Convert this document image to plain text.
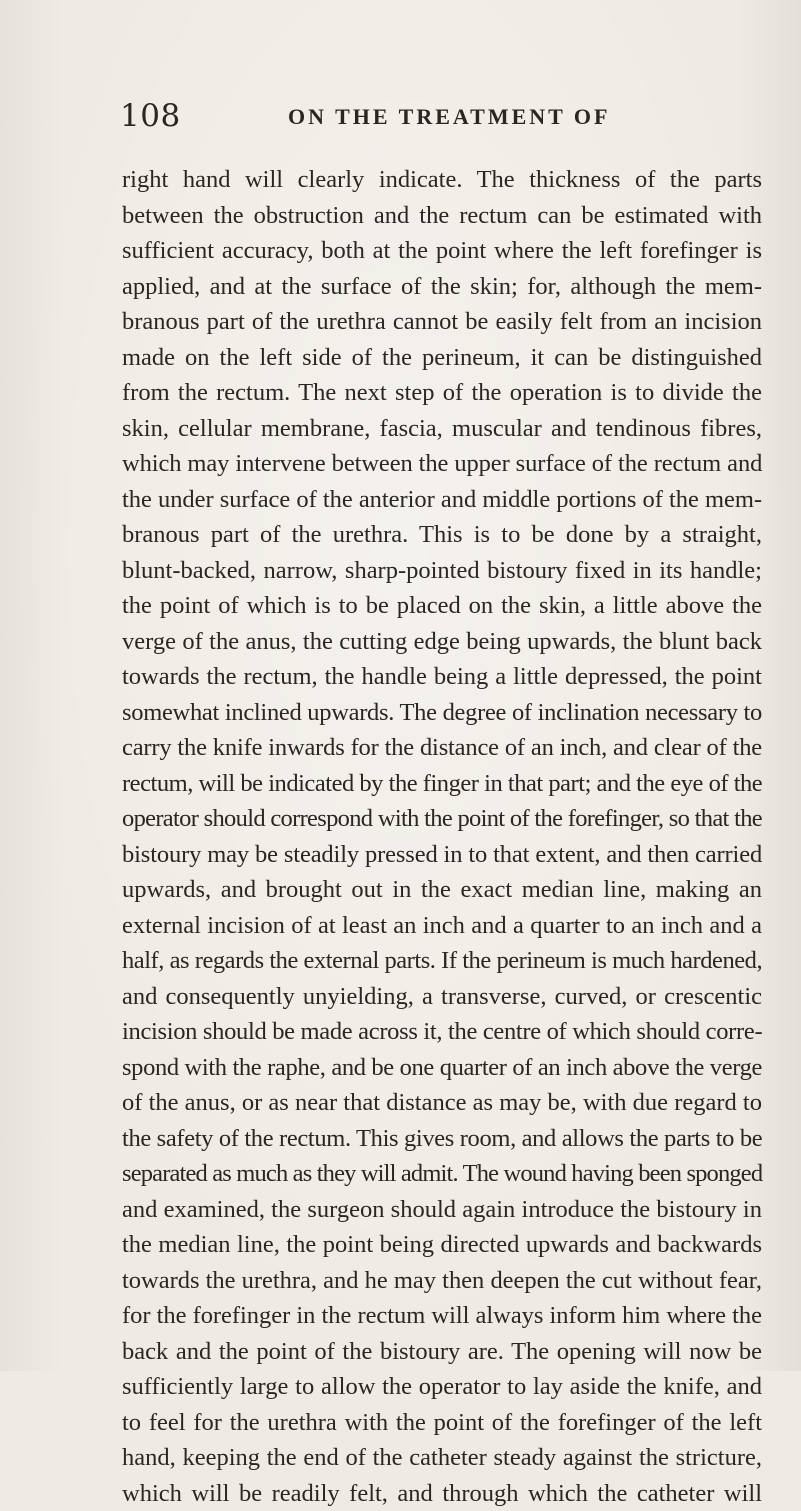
108	ON THE TREATMENT OF
right hand will clearly indicate. The thickness of the parts
between the obstruction and the rectum can be estimated with
sufficient accuracy, both at the point where the left forefinger is
applied, and at the surface of the skin; for, although the mem-
branous part of the urethra cannot be easily felt from an incision
made on the left side of the perineum, it can be distinguished
from the rectum. The next step of the operation is to divide the
skin, cellular membrane, fascia, muscular and tendinous fibres,
which may intervene between the upper surface of the rectum and
the under surface of the anterior and middle portions of the mem-
branous part of the urethra. This is to be done by a straight,
blunt-backed, narrow, sharp-pointed bistoury fixed in its handle;
the point of which is to be placed on the skin, a little above the
verge of the anus, the cutting edge being upwards, the blunt back
towards the rectum, the handle being a little depressed, the point
somewhat inclined upwards. The degree of inclination necessary to
carry the knife inwards for the distance of an inch, and clear of the
rectum, will be indicated by the finger in that part; and the eye of the
operator should correspond with the point of the forefinger, so that the
bistoury may be steadily pressed in to that extent, and then carried
upwards, and brought out in the exact median line, making an
external incision of at least an inch and a quarter to an inch and a
half, as regards the external parts. If the perineum is much hardened,
and consequently unyielding, a transverse, curved, or crescentic
incision should be made across it, the centre of which should corre-
spond with the raphe, and be one quarter of an inch above the verge
of the anus, or as near that distance as may be, with due regard to
the safety of the rectum. This gives room, and allows the parts to be
separated as much as they will admit. The wound having been sponged
and examined, the surgeon should again introduce the bistoury in
the median line, the point being directed upwards and backwards
towards the urethra, and he may then deepen the cut without fear,
for the forefinger in the rectum will always inform him where the
back and the point of the bistoury are. The opening will now be
sufficiently large to allow the operator to lay aside the knife, and
to feel for the urethra with the point of the forefinger of the left
hand, keeping the end of the catheter steady against the stricture,
which will be readily felt, and through which the catheter will
